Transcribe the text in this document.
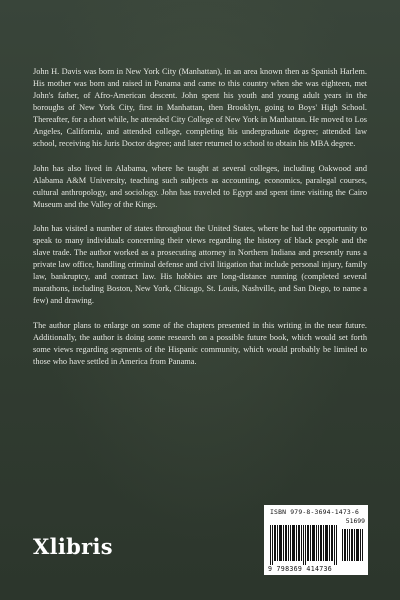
John H. Davis was born in New York City (Manhattan), in an area known then as Spanish Harlem. His mother was born and raised in Panama and came to this country when she was eighteen, met John's father, of Afro-American descent. John spent his youth and young adult years in the boroughs of New York City, first in Manhattan, then Brooklyn, going to Boys' High School. Thereafter, for a short while, he attended City College of New York in Manhattan. He moved to Los Angeles, California, and attended college, completing his undergraduate degree; attended law school, receiving his Juris Doctor degree; and later returned to school to obtain his MBA degree.

John has also lived in Alabama, where he taught at several colleges, including Oakwood and Alabama A&M University, teaching such subjects as accounting, economics, paralegal courses, cultural anthropology, and sociology. John has traveled to Egypt and spent time visiting the Cairo Museum and the Valley of the Kings.

John has visited a number of states throughout the United States, where he had the opportunity to speak to many individuals concerning their views regarding the history of black people and the slave trade. The author worked as a prosecuting attorney in Northern Indiana and presently runs a private law office, handling criminal defense and civil litigation that include personal injury, family law, bankruptcy, and contract law. His hobbies are long-distance running (completed several marathons, including Boston, New York, Chicago, St. Louis, Nashville, and San Diego, to name a few) and drawing.

The author plans to enlarge on some of the chapters presented in this writing in the near future. Additionally, the author is doing some research on a possible future book, which would set forth some views regarding segments of the Hispanic community, which would probably be limited to those who have settled in America from Panama.

Xlibris
ISBN 979-8-3694-1473-6
51699
9 798369 414736
